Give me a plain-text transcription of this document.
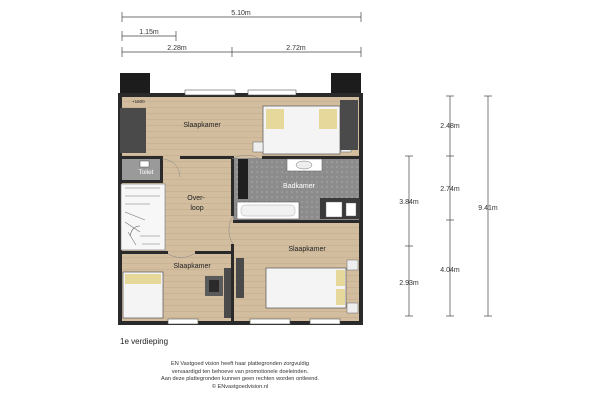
5.10m
1.15m
2.28m	2.72m
9.41m
2.48m
2.74m
4.04m
3.84m
2.93m
Slaapkamer
+1600
Toilet
Over- loop
Badkamer
Slaapkamer
Slaapkamer
1e verdieping
EN Vastgoed vision heeft haar plattegronden zorgvuldig
vervaardigd ten behoeve van promotionele doeleinden.
Aan deze plattegronden kunnen geen rechten worden ontleend.
© ENvastgoedvision.nl
